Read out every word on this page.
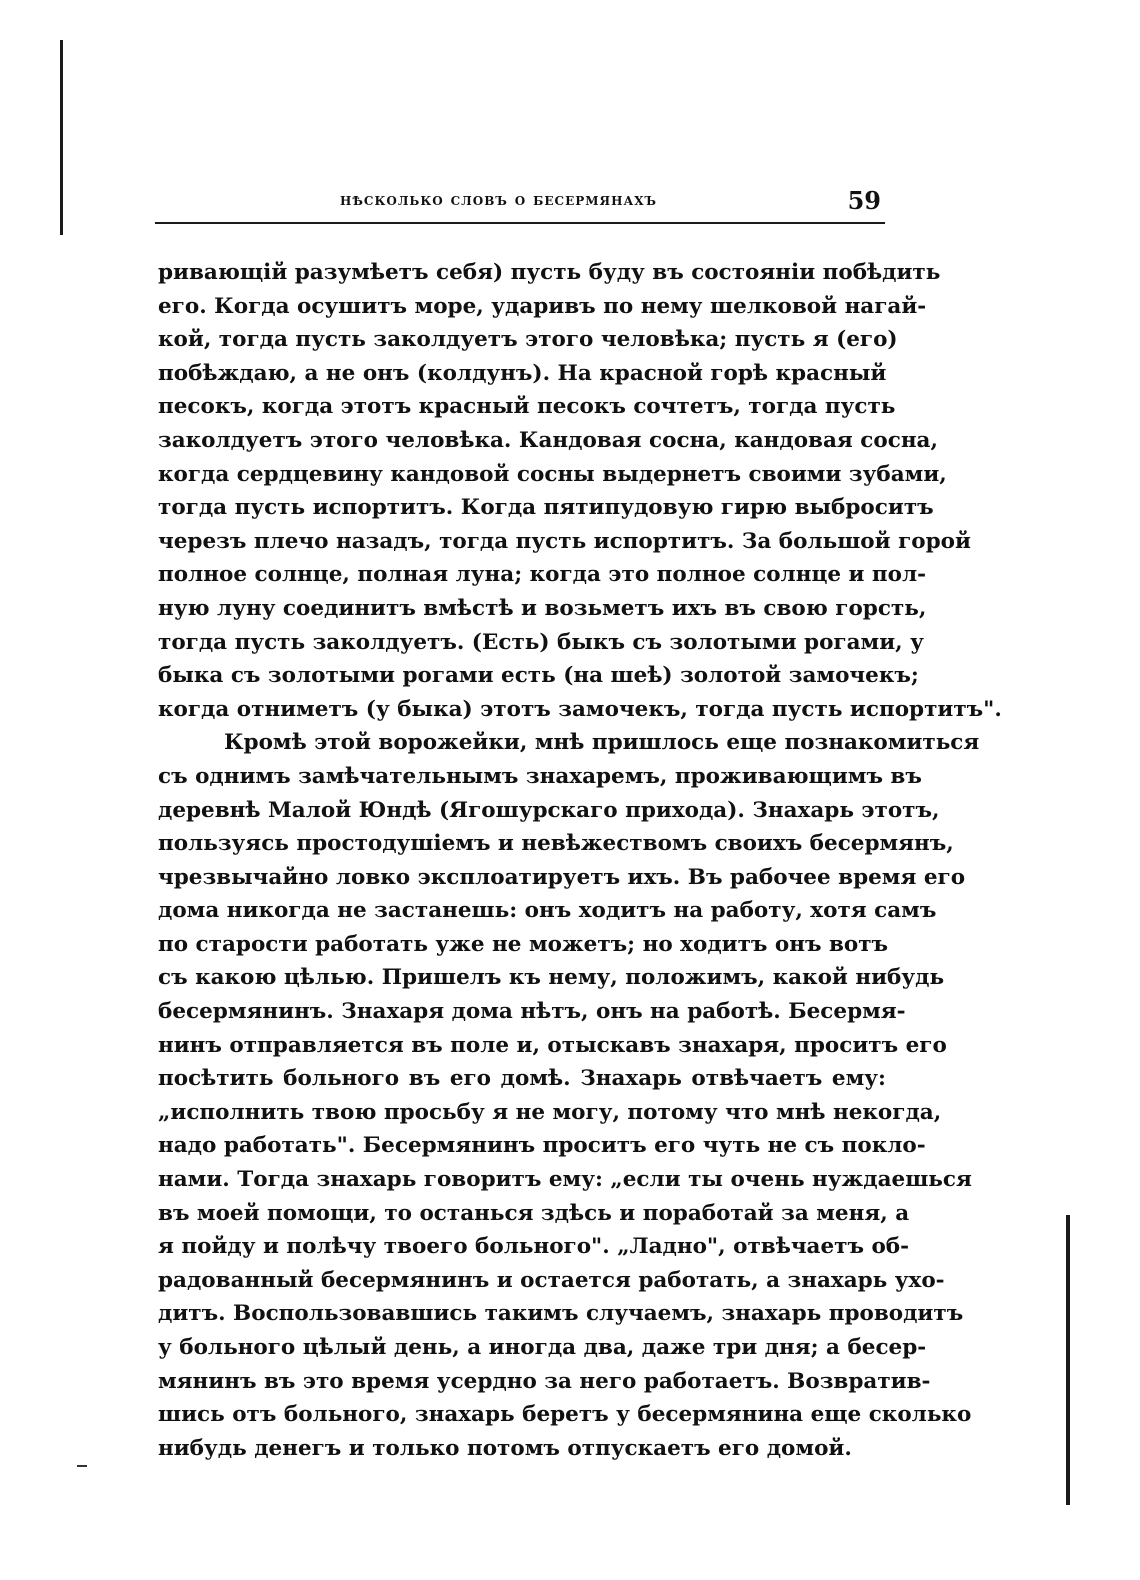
нѣсколько словъ о бесермянахъ	59
ривающій разумѣетъ себя) пусть буду въ состояніи побѣдить
его. Когда осушитъ море, ударивъ по нему шелковой нагай-
кой, тогда пусть заколдуетъ этого человѣка; пусть я (его)
побѣждаю, а не онъ (колдунъ). На красной горѣ красный
песокъ, когда этотъ красный песокъ сочтетъ, тогда пусть
заколдуетъ этого человѣка. Кандовая сосна, кандовая сосна,
когда сердцевину кандовой сосны выдернетъ своими зубами,
тогда пусть испортитъ. Когда пятипудовую гирю выброситъ
черезъ плечо назадъ, тогда пусть испортитъ. За большой горой
полное солнце, полная луна; когда это полное солнце и пол-
ную луну соединитъ вмѣстѣ и возьметъ ихъ въ свою горсть,
тогда пусть заколдуетъ. (Есть) быкъ съ золотыми рогами, у
быка съ золотыми рогами есть (на шеѣ) золотой замочекъ;
когда отниметъ (у быка) этотъ замочекъ, тогда пусть испортитъ".
Кромѣ этой ворожейки, мнѣ пришлось еще познакомиться
съ однимъ замѣчательнымъ знахаремъ, проживающимъ въ
деревнѣ Малой Юндѣ (Ягошурскаго прихода). Знахарь этотъ,
пользуясь простодушіемъ и невѣжествомъ своихъ бесермянъ,
чрезвычайно ловко эксплоатируетъ ихъ. Въ рабочее время его
дома никогда не застанешь: онъ ходитъ на работу, хотя самъ
по старости работать уже не можетъ; но ходитъ онъ вотъ
съ какою цѣлью. Пришелъ къ нему, положимъ, какой нибудь
бесермянинъ. Знахаря дома нѣтъ, онъ на работѣ. Бесермя-
нинъ отправляется въ поле и, отыскавъ знахаря, проситъ его
посѣтить больного въ его домѣ. Знахарь отвѣчаетъ ему:
„исполнить твою просьбу я не могу, потому что мнѣ некогда,
надо работать". Бесермянинъ проситъ его чуть не съ покло-
нами. Тогда знахарь говоритъ ему: „если ты очень нуждаешься
въ моей помощи, то останься здѣсь и поработай за меня, а
я пойду и полѣчу твоего больного". „Ладно", отвѣчаетъ об-
радованный бесермянинъ и остается работать, а знахарь ухо-
дитъ. Воспользовавшись такимъ случаемъ, знахарь проводитъ
у больного цѣлый день, а иногда два, даже три дня; а бесер-
мянинъ въ это время усердно за него работаетъ. Возвратив-
шись отъ больного, знахарь беретъ у бесермянина еще сколько
нибудь денегъ и только потомъ отпускаетъ его домой.
